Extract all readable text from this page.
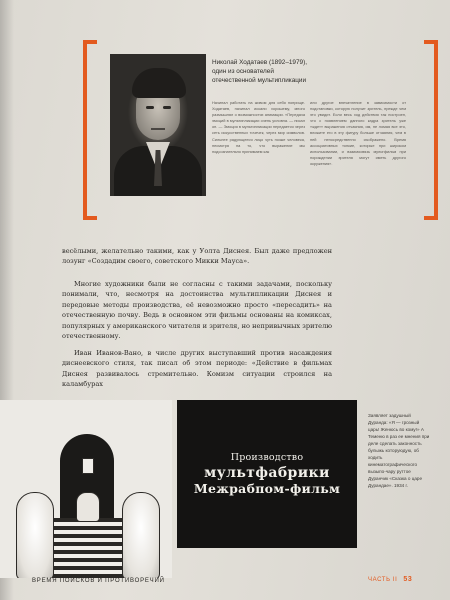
Николай Ходатаев (1892–1979), один из основателей отечественной мультипликации
Начинал работать на живом для себя поприще. Ходатаев, начинал искали хорошему, много размышлял о возможностях анимации. «Передача эмоций в мультипликации очень условна. — писал он. — Эмоция в мультипликации передается через сеть искусственных точечек, через мир символов. Сильнее радующееся лицо чуть позже человека, несмотря на то, что выражение мы подсознательно принимаем как
или другое впечатление в зависимости от подстановки, которую получит зритель, прежде чем это увидит. Если весь ход действия так построен, что с появлением данного кадра зритель уже «ждет» выражения отчаяния, им, не ломая все это, вложите его в эту фигуру больше отчаяния, чем в ней непосредственно изображено. Время ассоциативных тонкие, которые при широком использовании, и взаимосвязь мультфильм при порождении эрителя могут иметь другого окружения».

весёлыми, желательно такими, как у Уолта Диснея. Был даже предложен лозунг «Создадим своего, советского Микки Мауса».

Многие художники были не согласны с такими задачами, поскольку понимали, что, несмотря на достоинства мультипликации Диснея и передовые методы производства, её невозможно просто «пересадить» на отечественную почву. Ведь в основном эти фильмы основаны на комиксах, популярных у американского читателя и зрителя, но непривычных зрителю отечественному.

Иван Иванов-Вано, в числе других выступавший против насаждения диснеевского стиля, так писал об этом периоде: «Действие в фильмах Диснея развивалось стремительно. Комизм ситуации строился на каламбурах

Производство
мультфабрики
Межрабпом-фильм
Заявляет задушный Дуранда: «Я — грозный царь! Женюсь во кому!» А Теменю в раз ее мнения при деле сделать законность булыжь которуюдую, об ходить кинематографического вызыпо-чару руттое Дуранчик «Сказка о царе Дурандае». 1934 г.
ВРЕМЯ ПОИСКОВ И ПРОТИВОРЕЧИЙ	ЧАСТЬ II 53
